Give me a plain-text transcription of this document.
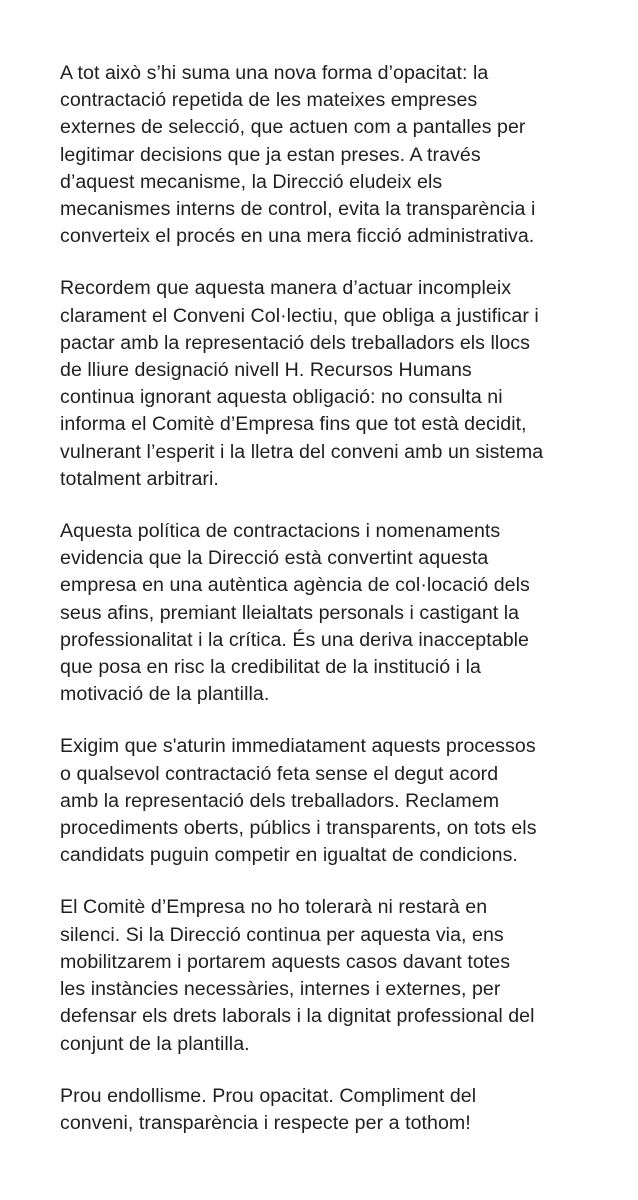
A tot això s’hi suma una nova forma d’opacitat: la
contractació repetida de les mateixes empreses
externes de selecció, que actuen com a pantalles per
legitimar decisions que ja estan preses. A través
d’aquest mecanisme, la Direcció eludeix els
mecanismes interns de control, evita la transparència i
converteix el procés en una mera ficció administrativa.

Recordem que aquesta manera d’actuar incompleix
clarament el Conveni Col·lectiu, que obliga a justificar i
pactar amb la representació dels treballadors els llocs
de lliure designació nivell H. Recursos Humans
continua ignorant aquesta obligació: no consulta ni
informa el Comitè d’Empresa fins que tot està decidit,
vulnerant l’esperit i la lletra del conveni amb un sistema
totalment arbitrari.

Aquesta política de contractacions i nomenaments
evidencia que la Direcció està convertint aquesta
empresa en una autèntica agència de col·locació dels
seus afins, premiant lleialtats personals i castigant la
professionalitat i la crítica. És una deriva inacceptable
que posa en risc la credibilitat de la institució i la
motivació de la plantilla.

Exigim que s'aturin immediatament aquests processos
o qualsevol contractació feta sense el degut acord
amb la representació dels treballadors. Reclamem
procediments oberts, públics i transparents, on tots els
candidats puguin competir en igualtat de condicions.

El Comitè d’Empresa no ho tolerarà ni restarà en
silenci. Si la Direcció continua per aquesta via, ens
mobilitzarem i portarem aquests casos davant totes
les instàncies necessàries, internes i externes, per
defensar els drets laborals i la dignitat professional del
conjunt de la plantilla.

Prou endollisme. Prou opacitat. Compliment del
conveni, transparència i respecte per a tothom!
